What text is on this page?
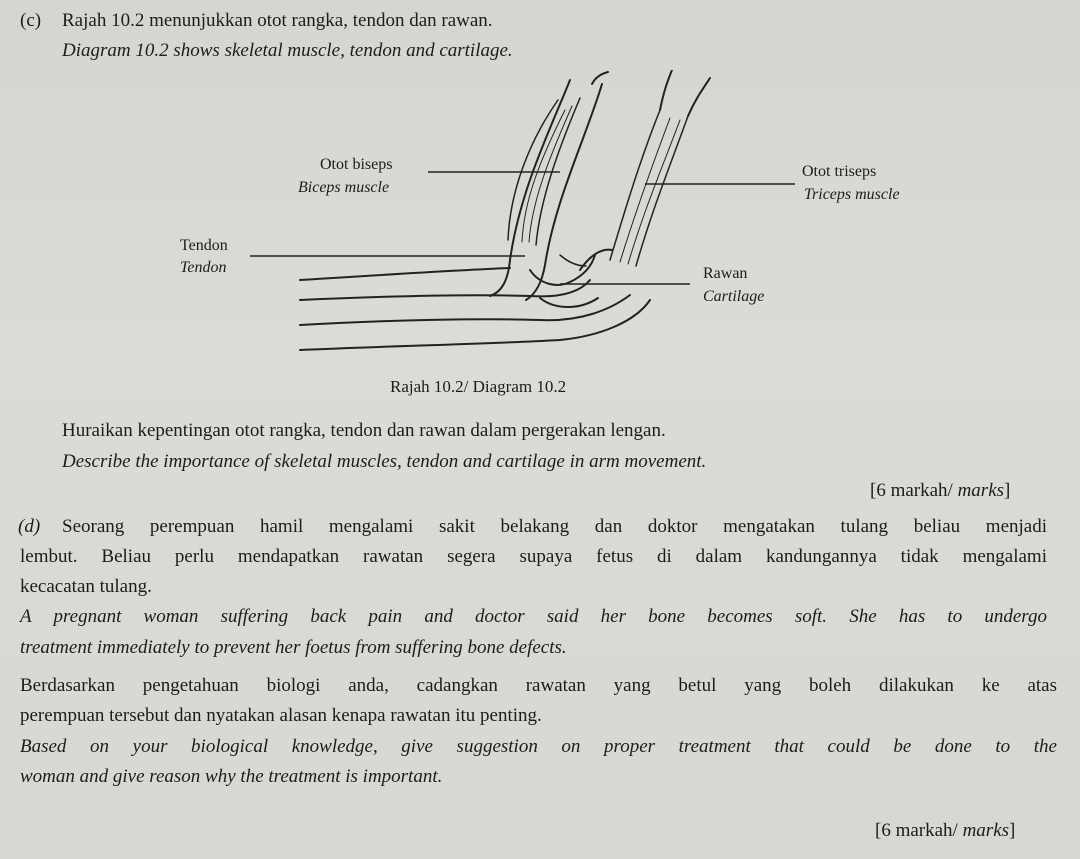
(c) Rajah 10.2 menunjukkan otot rangka, tendon dan rawan.
Diagram 10.2 shows skeletal muscle, tendon and cartilage.
Otot biseps
Biceps muscle
Otot triseps
Triceps muscle
Tendon
Tendon	Rawan
Cartilage
Rajah 10.2/ Diagram 10.2
Huraikan kepentingan otot rangka, tendon dan rawan dalam pergerakan lengan.
Describe the importance of skeletal muscles, tendon and cartilage in arm movement.
[6 markah/ marks]
(d) Seorang perempuan hamil mengalami sakit belakang dan doktor mengatakan tulang beliau menjadi
lembut. Beliau perlu mendapatkan rawatan segera supaya fetus di dalam kandungannya tidak mengalami
kecacatan tulang.
A pregnant woman suffering back pain and doctor said her bone becomes soft. She has to undergo
treatment immediately to prevent her foetus from suffering bone defects.
Berdasarkan pengetahuan biologi anda, cadangkan rawatan yang betul yang boleh dilakukan ke atas
perempuan tersebut dan nyatakan alasan kenapa rawatan itu penting.
Based on your biological knowledge, give suggestion on proper treatment that could be done to the
woman and give reason why the treatment is important.
[6 markah/ marks]
